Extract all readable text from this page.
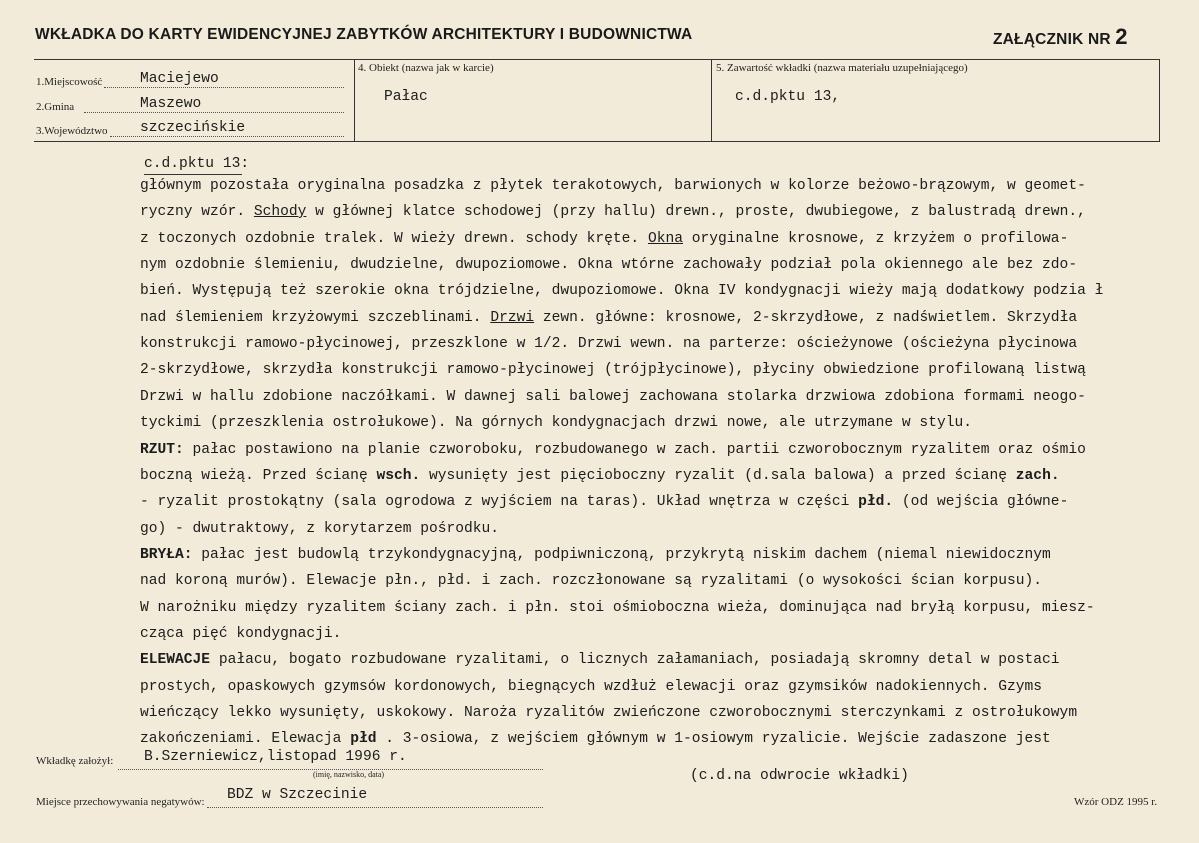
WKŁADKA DO KARTY EWIDENCYJNEJ ZABYTKÓW ARCHITEKTURY I BUDOWNICTWA	ZAŁĄCZNIK NR 2
1.Miejscowość	Maciejewo
2.Gmina	Maszewo
3.Województwo szczecińskie
4. Obiekt (nazwa jak w karcie)
Pałac
5. Zawartość wkładki (nazwa materiału uzupełniającego)
c.d.pktu 13,
c.d.pktu 13:
głównym pozostała oryginalna posadzka z płytek terakotowych, barwionych w kolorze beżowo-brązowym, w geomet-
ryczny wzór. Schody w głównej klatce schodowej (przy hallu) drewn., proste, dwubiegowe, z balustradą drewn.,
z toczonych ozdobnie tralek. W wieży drewn. schody kręte. Okna oryginalne krosnowe, z krzyżem o profilowa-
nym ozdobnie ślemieniu, dwudzielne, dwupoziomowe. Okna wtórne zachowały podział pola okiennego ale bez zdo-
bień. Występują też szerokie okna trójdzielne, dwupoziomowe. Okna IV kondygnacji wieży mają dodatkowy podzia ł
nad ślemieniem krzyżowymi szczeblinami. Drzwi zewn. główne: krosnowe, 2-skrzydłowe, z nadświetlem. Skrzydła
konstrukcji ramowo-płycinowej, przeszklone w 1/2. Drzwi wewn. na parterze: ościeżynowe (ościeżyna płycinowa
2-skrzydłowe, skrzydła konstrukcji ramowo-płycinowej (trójpłycinowe), płyciny obwiedzione profilowaną listwą
Drzwi w hallu zdobione naczółkami. W dawnej sali balowej zachowana stolarka drzwiowa zdobiona formami neogo-
tyckimi (przeszklenia ostrołukowe). Na górnych kondygnacjach drzwi nowe, ale utrzymane w stylu.
RZUT: pałac postawiono na planie czworoboku, rozbudowanego w zach. partii czworobocznym ryzalitem oraz ośmio
boczną wieżą. Przed ścianę wsch. wysunięty jest pięcioboczny ryzalit (d.sala balowa) a przed ścianę zach.
- ryzalit prostokątny (sala ogrodowa z wyjściem na taras). Układ wnętrza w części płd. (od wejścia główne-
go) - dwutraktowy, z korytarzem pośrodku.
BRYŁA: pałac jest budowlą trzykondygnacyjną, podpiwniczoną, przykrytą niskim dachem (niemal niewidocznym
nad koroną murów). Elewacje płn., płd. i zach. rozczłonowane są ryzalitami (o wysokości ścian korpusu).
W narożniku między ryzalitem ściany zach. i płn. stoi ośmioboczna wieża, dominująca nad bryłą korpusu, miesz-
cząca pięć kondygnacji.
ELEWACJE pałacu, bogato rozbudowane ryzalitami, o licznych załamaniach, posiadają skromny detal w postaci
prostych, opaskowych gzymsów kordonowych, biegnących wzdłuż elewacji oraz gzymsików nadokiennych. Gzyms
wieńczący lekko wysunięty, uskokowy. Naroża ryzalitów zwieńczone czworobocznymi sterczynkami z ostrołukowym
zakończeniami. Elewacja płd . 3-osiowa, z wejściem głównym w 1-osiowym ryzalicie. Wejście zadaszone jest
Wkładkę założył: B.Szerniewicz,listopad 1996 r.
(imię, nazwisko, data)	(c.d.na odwrocie wkładki)
Miejsce przechowywania negatywów: BDZ w Szczecinie	Wzór ODZ 1995 r.
